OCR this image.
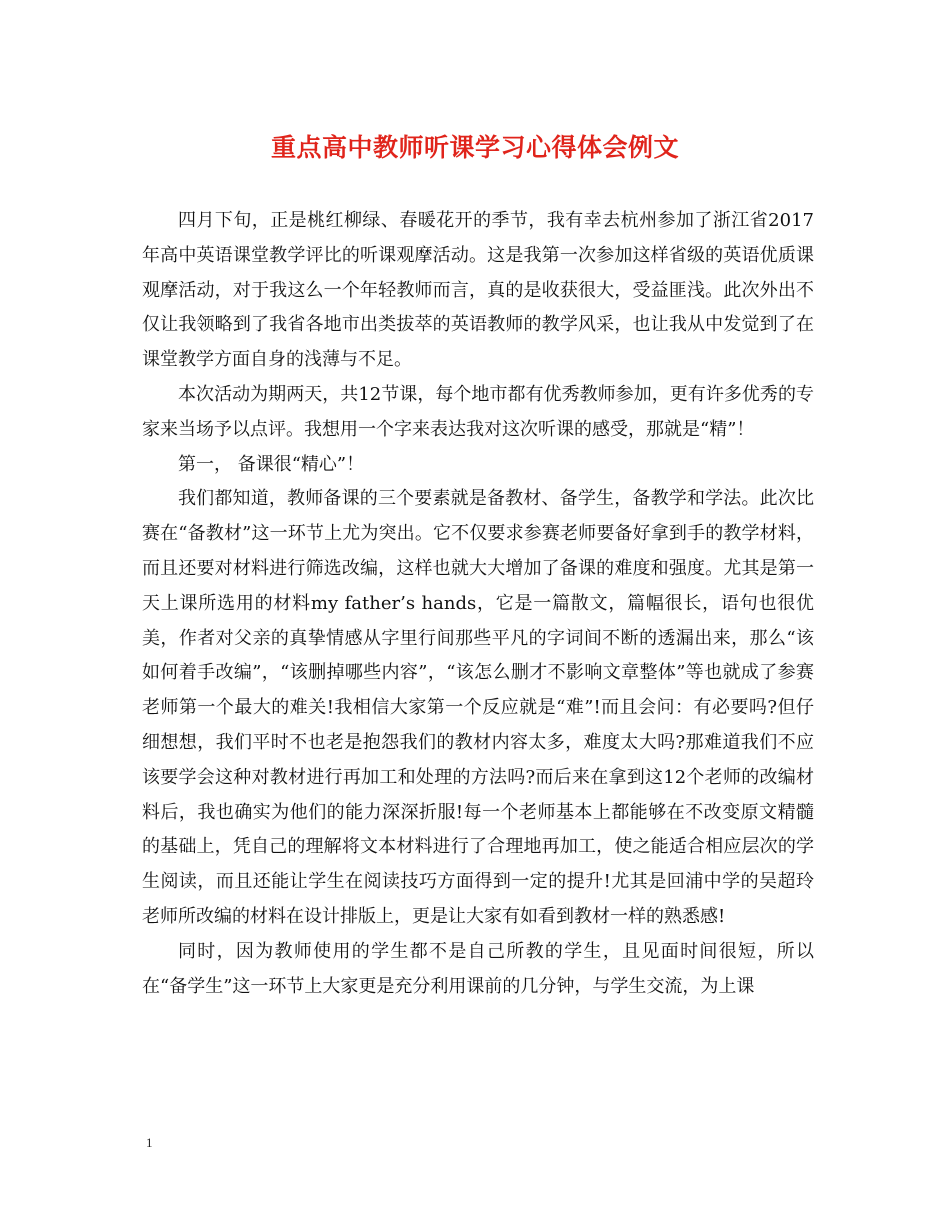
重点高中教师听课学习心得体会例文

四月下旬，正是桃红柳绿、春暖花开的季节，我有幸去杭州参加了浙江省2017年高中英语课堂教学评比的听课观摩活动。这是我第一次参加这样省级的英语优质课观摩活动，对于我这么一个年轻教师而言，真的是收获很大，受益匪浅。此次外出不仅让我领略到了我省各地市出类拔萃的英语教师的教学风采，也让我从中发觉到了在课堂教学方面自身的浅薄与不足。

本次活动为期两天，共12节课，每个地市都有优秀教师参加，更有许多优秀的专家来当场予以点评。我想用一个字来表达我对这次听课的感受，那就是“精”！

第一， 备课很“精心”！

我们都知道，教师备课的三个要素就是备教材、备学生，备教学和学法。此次比赛在“备教材”这一环节上尤为突出。它不仅要求参赛老师要备好拿到手的教学材料，而且还要对材料进行筛选改编，这样也就大大增加了备课的难度和强度。尤其是第一天上课所选用的材料my father’s hands，它是一篇散文，篇幅很长，语句也很优美，作者对父亲的真挚情感从字里行间那些平凡的字词间不断的透漏出来，那么“该如何着手改编”，“该删掉哪些内容”，“该怎么删才不影响文章整体”等也就成了参赛老师第一个最大的难关!我相信大家第一个反应就是“难”!而且会问：有必要吗?但仔细想想，我们平时不也老是抱怨我们的教材内容太多，难度太大吗?那难道我们不应该要学会这种对教材进行再加工和处理的方法吗?而后来在拿到这12个老师的改编材料后，我也确实为他们的能力深深折服!每一个老师基本上都能够在不改变原文精髓的基础上，凭自己的理解将文本材料进行了合理地再加工，使之能适合相应层次的学生阅读，而且还能让学生在阅读技巧方面得到一定的提升!尤其是回浦中学的吴超玲老师所改编的材料在设计排版上，更是让大家有如看到教材一样的熟悉感!

同时，因为教师使用的学生都不是自己所教的学生，且见面时间很短，所以在“备学生”这一环节上大家更是充分利用课前的几分钟，与学生交流，为上课

1
